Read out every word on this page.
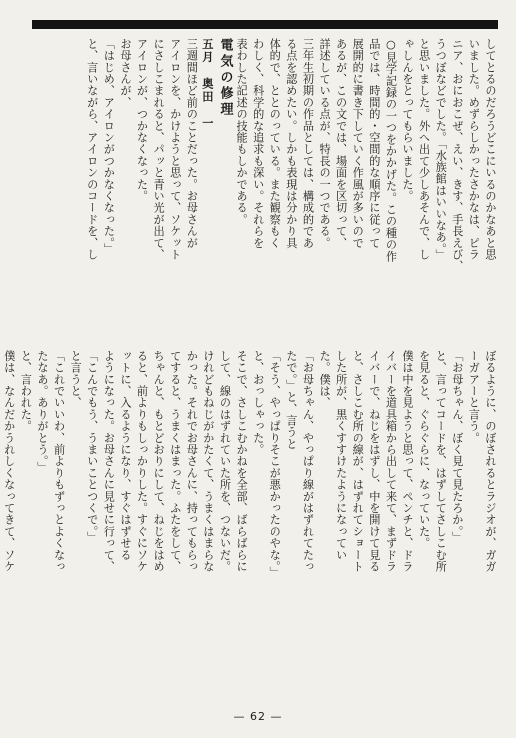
してとるのだろうどこにいるのかなあと思

いました。めずらしかったさかなは、ピラ

ニア、おにおこぜ、えい、きす、手長えび、

うつぼなどでした。「水族館はいいなあ。」

と思いました。外へ出て少しあそんで、し

ゃしんをとってもらいました。

○見学記録の一つをかかげた。この種の作

品では、時間的・空間的な順序に従って

展開的に書き下していく作風が多いので

あるが、この文では、場面を区切って、

詳述している点が、特長の一つである。

三年生初期の作品としては、構成的であ

る点を認めたい。しかも表現は分かり具

体的で、ととのっている。また観察もく

わしく、科学的な追求も深い。それらを

表わした記述の技能もしかである。

電気の修理

五月　奥田　一

三週間ほど前のことだった。お母さんが

アイロンを、かけようと思って、ソケット

にさしこまれると、パッと青い光が出て、

アイロンが、つかなくなった。

お母さんが、

「はじめ、アイロンがつかなくなった。」

と、言いながら、アイロンのコードを、し

ぼるように、のぼされるとラジオが、ガガ

ーガアーと言う。

「お母ちゃん、ぼく見て見たろか。」

と、言ってコードを、はずしてさしこむ所

を見ると、ぐらぐらに、なっていた。

僕は中を見ようと思って、ペンチと、ドラ

イバーを道具箱から出して来て、まずドラ

イバーで、ねじをはずし、中を開けて見る

と、さしこむ所の線が、はずれてショート

した所が、黒くすすけたようになってい

た。僕は、

「お母ちゃん、やっぱり線がはずれてたっ

たで。」と、言うと

「そう、やっぱりそこが悪かったのやな。」

と、おっしゃった。

そこで、さしこむかねを全部、ばらばらに

して、線のはずれていた所を、つないだ。

けれどもねじがかたくて、うまくはまらな

かった。それでお母さんに、持ってもらっ

てすると、うまくはまった。ふたをして、

ちゃんと、もとどおりにして、ねじをはめ

ると、前よりもしっかりした。すぐにソケ

ットに、入るようになり、すぐはずせる

ようになった。お母さんに見せに行って、

「こんでもう、うまいことつくで。」

と言うと、

「これでいいわ、前よりもずっとよくなっ

たなあ。ありがとう。」

と、言われた。

僕は、なんだかうれしくなってきて、ソケ

— 62 —
